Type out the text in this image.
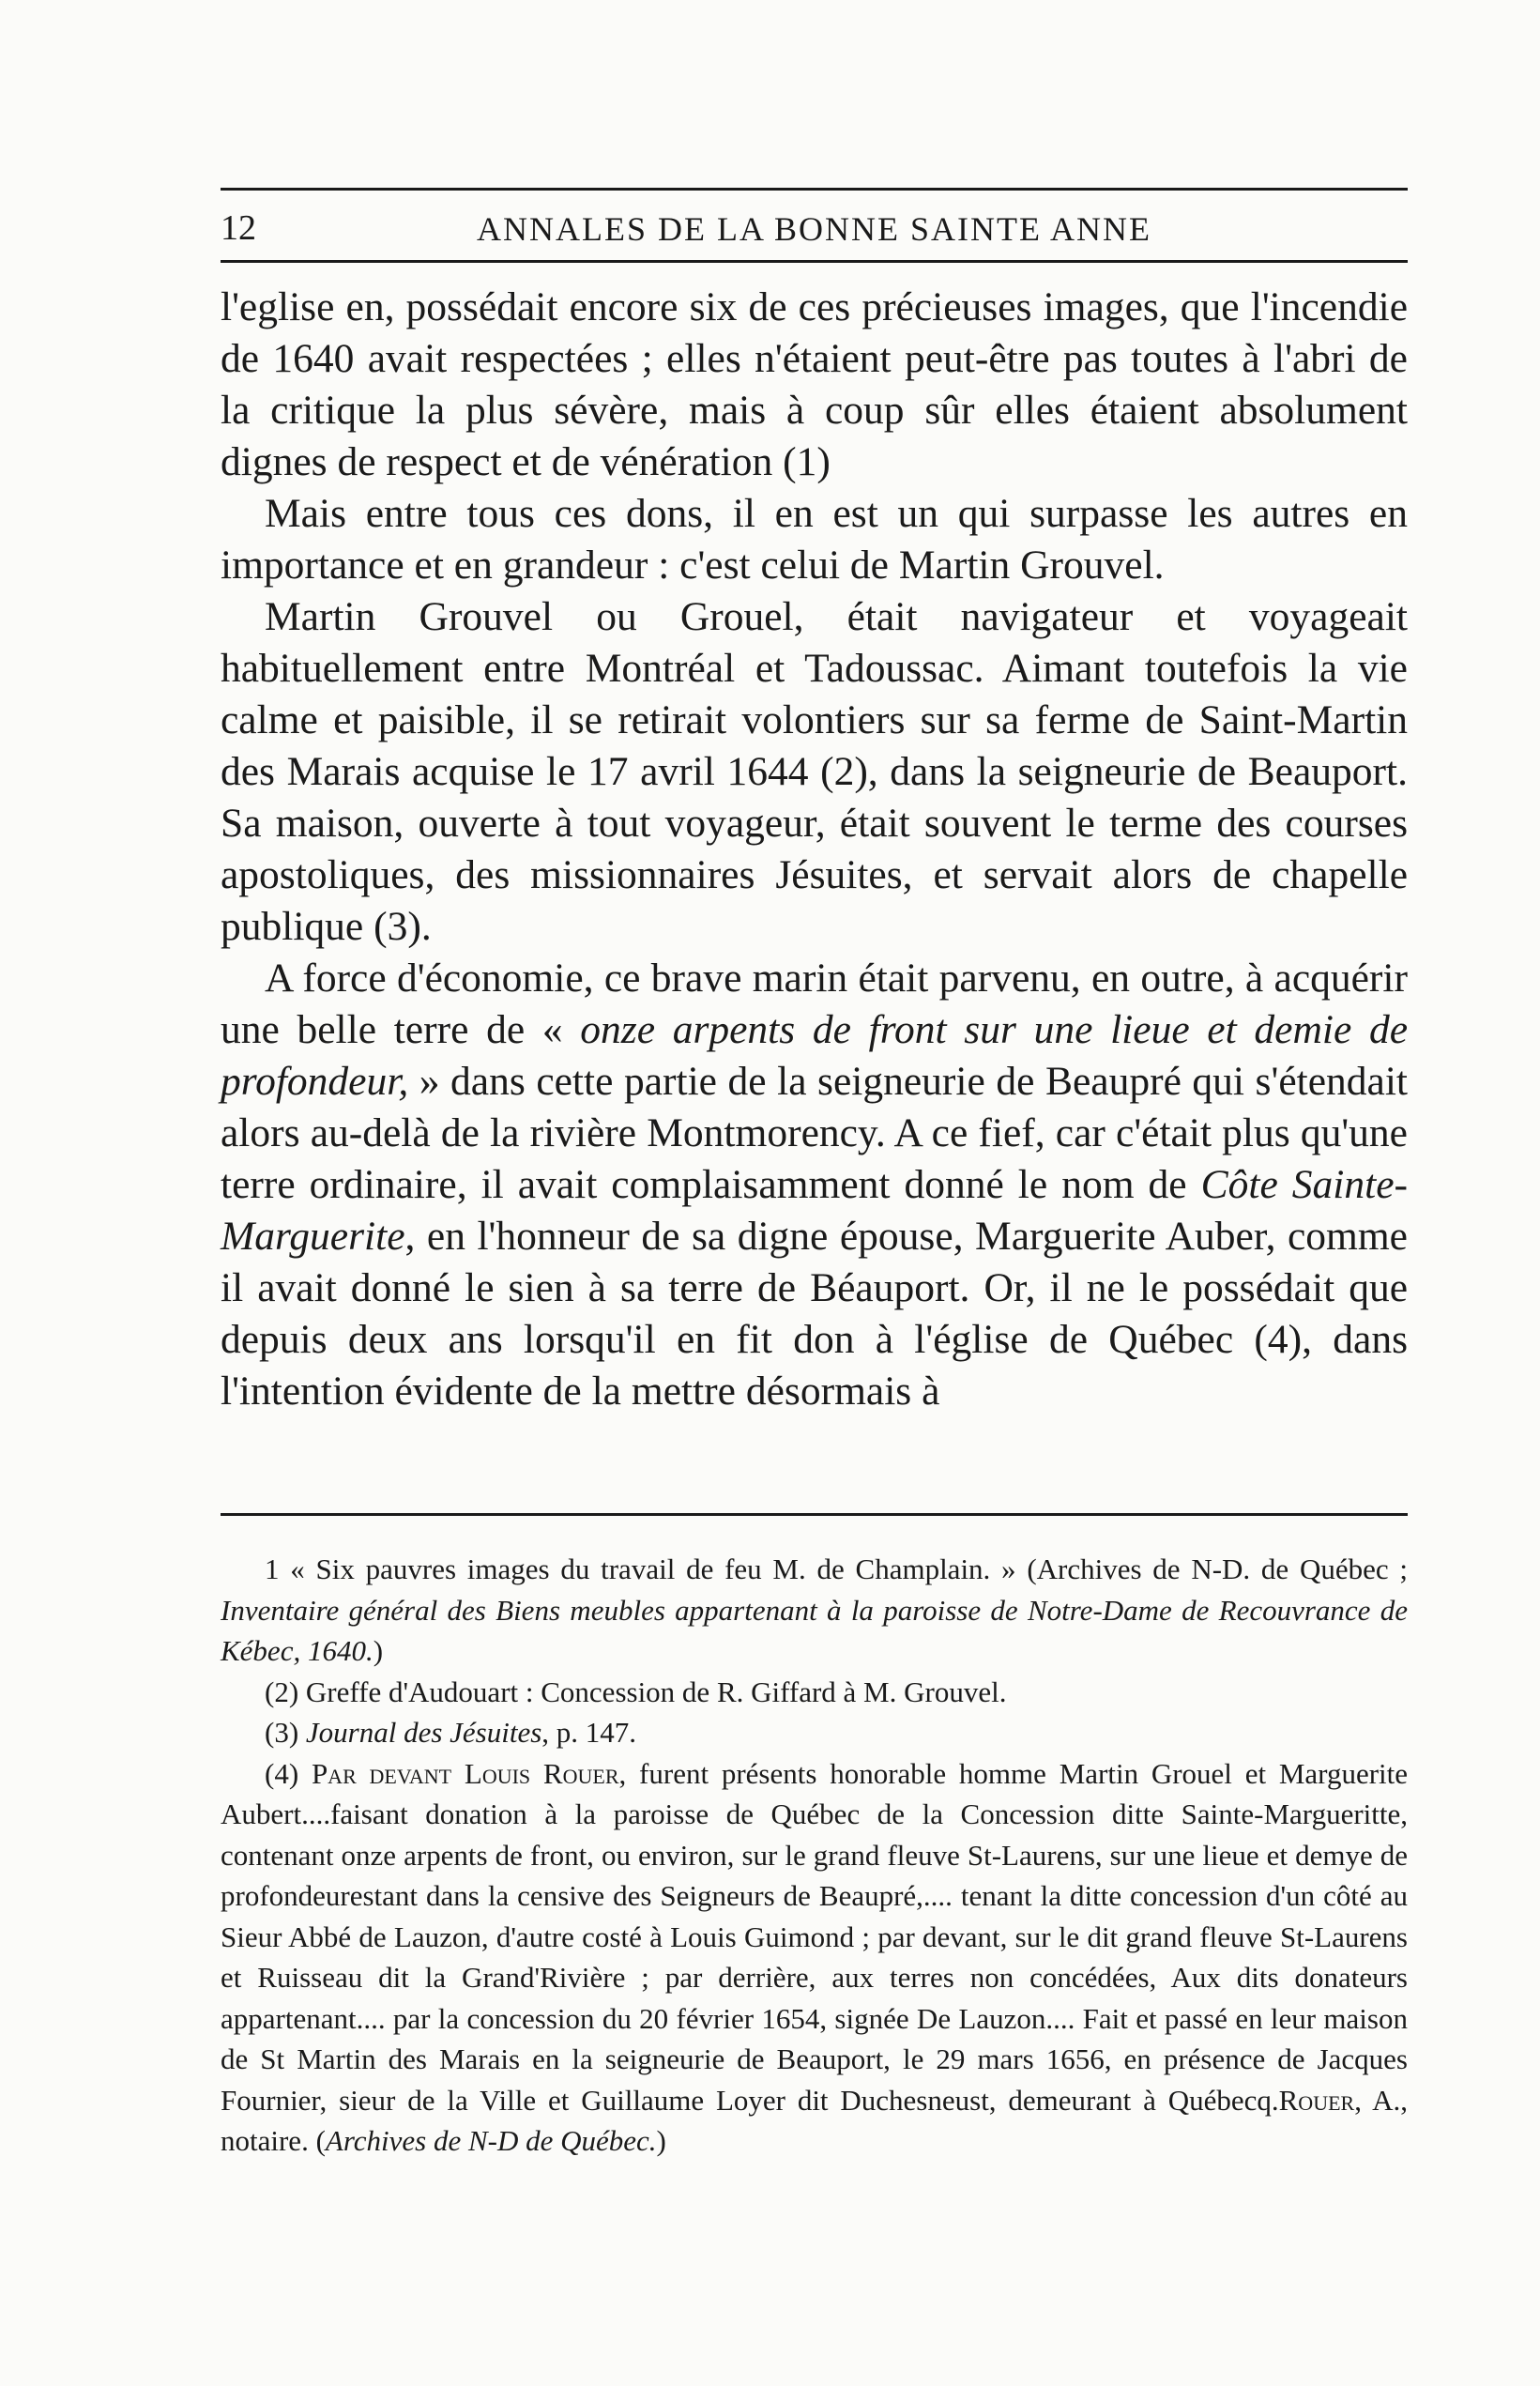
12	ANNALES DE LA BONNE SAINTE ANNE

l'eglise en, possédait encore six de ces précieuses images, que l'incendie de 1640 avait respectées ; elles n'étaient peut-être pas toutes à l'abri de la critique la plus sévère, mais à coup sûr elles étaient absolument dignes de respect et de vénération (1)

Mais entre tous ces dons, il en est un qui surpasse les autres en importance et en grandeur : c'est celui de Martin Grouvel.

Martin Grouvel ou Grouel, était navigateur et voyageait habituellement entre Montréal et Tadoussac. Aimant toutefois la vie calme et paisible, il se retirait volontiers sur sa ferme de Saint-Martin des Marais acquise le 17 avril 1644 (2), dans la seigneurie de Beauport. Sa maison, ouverte à tout voyageur, était souvent le terme des courses apostoliques, des missionnaires Jésuites, et servait alors de chapelle publique (3).

A force d'économie, ce brave marin était parvenu, en outre, à acquérir une belle terre de « onze arpents de front sur une lieue et demie de profondeur, » dans cette partie de la seigneurie de Beaupré qui s'étendait alors au-delà de la rivière Montmorency. A ce fief, car c'était plus qu'une terre ordinaire, il avait complaisamment donné le nom de Côte Sainte-Marguerite, en l'honneur de sa digne épouse, Marguerite Auber, comme il avait donné le sien à sa terre de Béauport. Or, il ne le possédait que depuis deux ans lorsqu'il en fit don à l'église de Québec (4), dans l'intention évidente de la mettre désormais à

1 « Six pauvres images du travail de feu M. de Champlain. » (Archives de N-D. de Québec ; Inventaire général des Biens meubles appartenant à la paroisse de Notre-Dame de Recouvrance de Kébec, 1640.)

(2) Greffe d'Audouart : Concession de R. Giffard à M. Grouvel.

(3) Journal des Jésuites, p. 147.

(4) Par devant Louis Rouer, furent présents honorable homme Martin Grouel et Marguerite Aubert....faisant donation à la paroisse de Québec de la Concession ditte Sainte-Margueritte, contenant onze arpents de front, ou environ, sur le grand fleuve St-Laurens, sur une lieue et demye de profondeurestant dans la censive des Seigneurs de Beaupré,.... tenant la ditte concession d'un côté au Sieur Abbé de Lauzon, d'autre costé à Louis Guimond ; par devant, sur le dit grand fleuve St-Laurens et Ruisseau dit la Grand'Rivière ; par derrière, aux terres non concédées, Aux dits donateurs appartenant.... par la concession du 20 février 1654, signée De Lauzon.... Fait et passé en leur maison de St Martin des Marais en la seigneurie de Beauport, le 29 mars 1656, en présence de Jacques Fournier, sieur de la Ville et Guillaume Loyer dit Duchesneust, demeurant à Québecq.Rouer, A., notaire. (Archives de N-D de Québec.)
